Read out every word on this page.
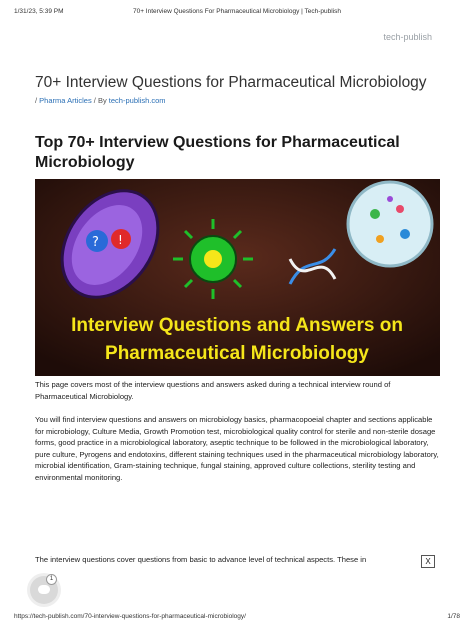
1/31/23, 5:39 PM	70+ Interview Questions For Pharmaceutical Microbiology | Tech-publish
tech-publish
70+ Interview Questions for Pharmaceutical Microbiology
/ Pharma Articles / By tech-publish.com
Top 70+ Interview Questions for Pharmaceutical Microbiology
? !
Interview Questions and Answers on
Pharmaceutical Microbiology

This page covers most of the interview questions and answers asked during a technical interview round of Pharmaceutical Microbiology.

You will find interview questions and answers on microbiology basics, pharmacopoeial chapter and sections applicable for microbiology, Culture Media, Growth Promotion test, microbiological quality control for sterile and non-sterile dosage forms, good practice in a microbiological laboratory, aseptic technique to be followed in the microbiological laboratory, pure culture, Pyrogens and endotoxins, different staining techniques used in the pharmaceutical microbiology laboratory, microbial identification, Gram-staining technique, fungal staining, approved culture collections, sterility testing and environmental monitoring.

The interview questions cover questions from basic to advance level of technical aspects. These in	X
1
https://tech-publish.com/70-interview-questions-for-pharmaceutical-microbiology/	1/78
